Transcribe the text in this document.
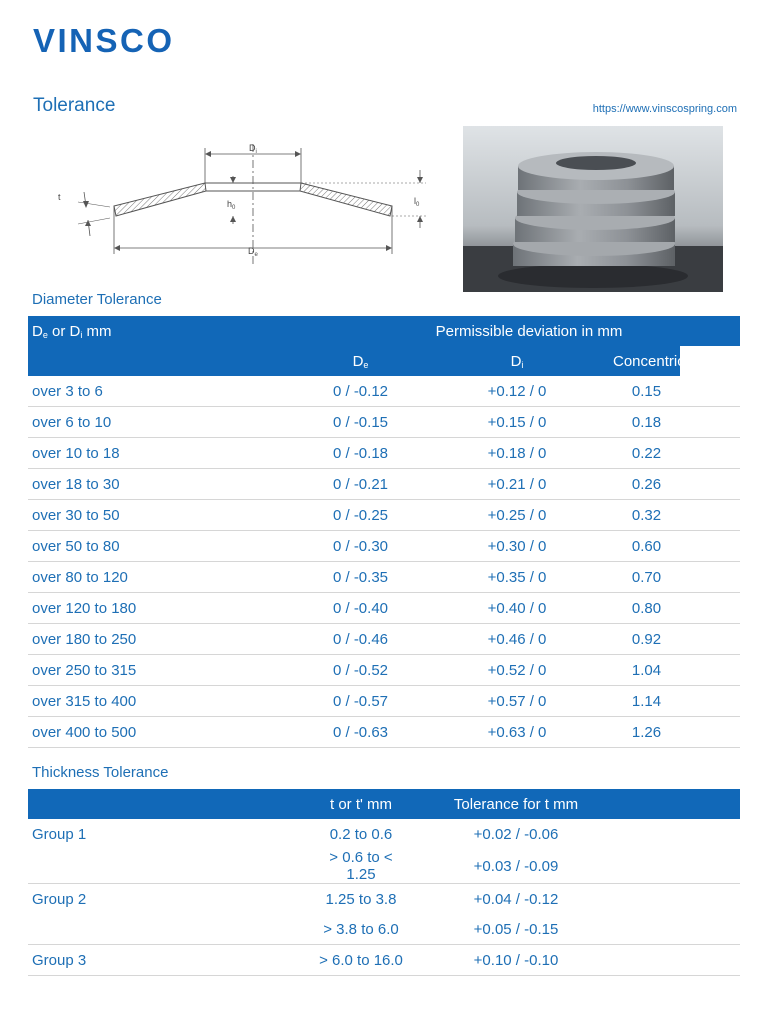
VINSCO
Tolerance	https://www.vinscospring.com
$D_i$
$D_e$
$h_0$
$l_0$
t
Diameter Tolerance
$D_e$ or $D_i$ mm	Permissible deviation in mm
	$D_e$	$D_i$	Concentricity
over 3 to 6	0 / -0.12	+0.12 / 0	0.15
over 6 to 10	0 / -0.15	+0.15 / 0	0.18
over 10 to 18	0 / -0.18	+0.18 / 0	0.22
over 18 to 30	0 / -0.21	+0.21 / 0	0.26
over 30 to 50	0 / -0.25	+0.25 / 0	0.32
over 50 to 80	0 / -0.30	+0.30 / 0	0.60
over 80 to 120	0 / -0.35	+0.35 / 0	0.70
over 120 to 180	0 / -0.40	+0.40 / 0	0.80
over 180 to 250	0 / -0.46	+0.46 / 0	0.92
over 250 to 315	0 / -0.52	+0.52 / 0	1.04
over 315 to 400	0 / -0.57	+0.57 / 0	1.14
over 400 to 500	0 / -0.63	+0.63 / 0	1.26
Thickness Tolerance
	t or t' mm	Tolerance for t mm	
Group 1	0.2 to 0.6	+0.02 / -0.06	
	> 0.6 to < 1.25	+0.03 / -0.09	
Group 2	1.25 to 3.8	+0.04 / -0.12	
	> 3.8 to 6.0	+0.05 / -0.15	
Group 3	> 6.0 to 16.0	+0.10 / -0.10	
